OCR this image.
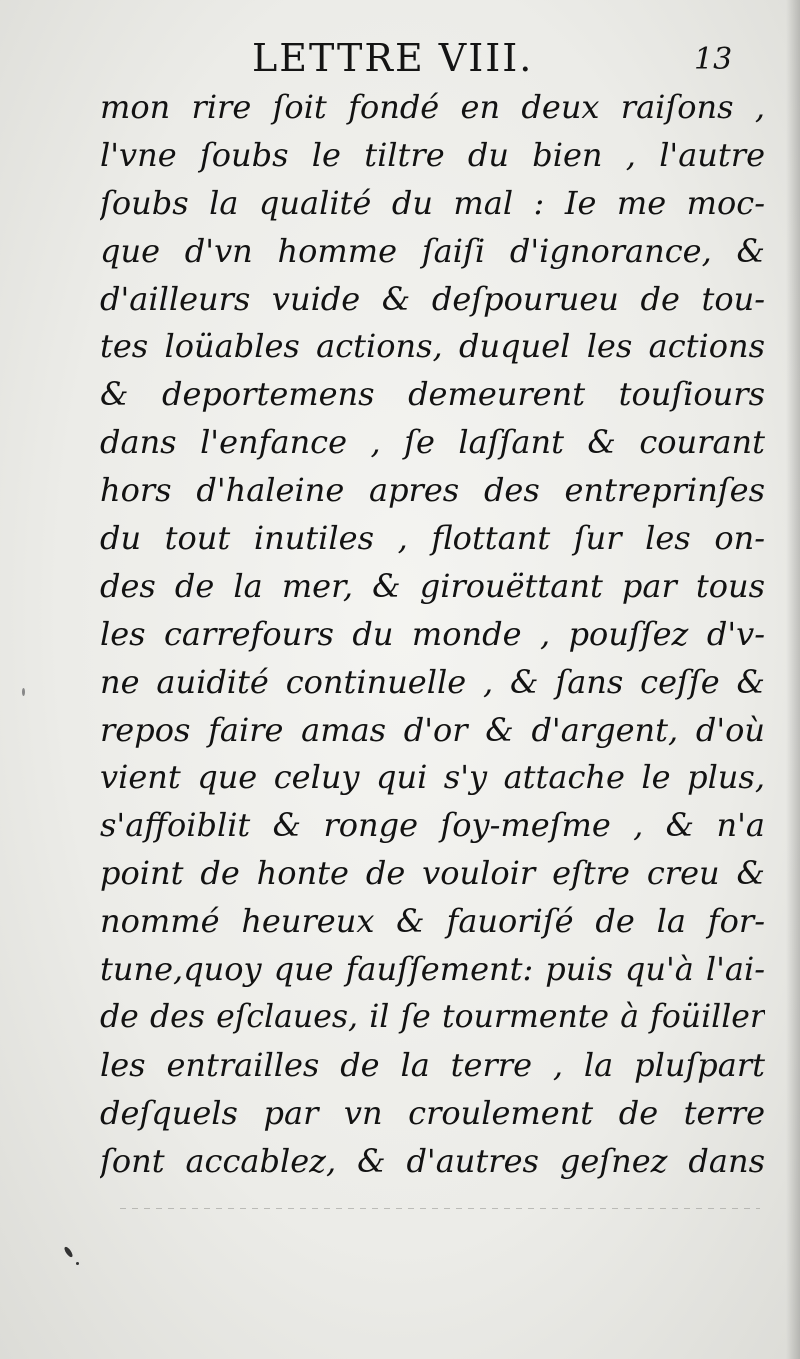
LETTRE VIII.	13
mon rire ſoit fondé en deux raiſons ,
l'vne ſoubs le tiltre du bien , l'autre
ſoubs la qualité du mal : Ie me moc-
que d'vn homme ſaiſi d'ignorance, &
d'ailleurs vuide & deſpourueu de tou-
tes loüables actions, duquel les actions
& deportemens demeurent touſiours
dans l'enfance , ſe laſſant & courant
hors d'haleine apres des entreprinſes
du tout inutiles , flottant ſur les on-
des de la mer, & girouëttant par tous
les carrefours du monde , pouſſez d'v-
ne auidité continuelle , & ſans ceſſe &
repos faire amas d'or & d'argent, d'où
vient que celuy qui s'y attache le plus,
s'affoiblit & ronge ſoy-meſme , & n'a
point de honte de vouloir eſtre creu &
nommé heureux & fauoriſé de la for-
tune,quoy que fauſſement: puis qu'à l'ai-
de des eſclaues, il ſe tourmente à foüiller
les entrailles de la terre , la pluſpart
deſquels par vn croulement de terre
ſont accablez, & d'autres geſnez dans
